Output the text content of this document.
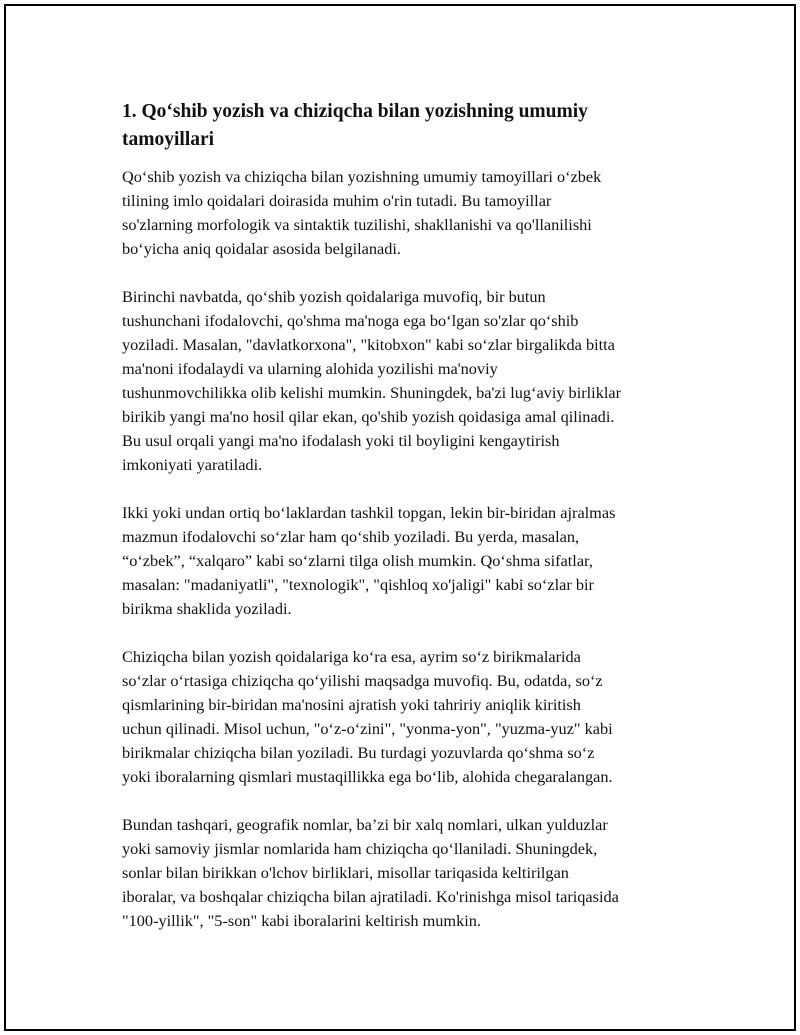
1. Qo‘shib yozish va chiziqcha bilan yozishning umumiy
tamoyillari

Qo‘shib yozish va chiziqcha bilan yozishning umumiy tamoyillari o‘zbek
tilining imlo qoidalari doirasida muhim o'rin tutadi. Bu tamoyillar
so'zlarning morfologik va sintaktik tuzilishi, shakllanishi va qo'llanilishi
bo‘yicha aniq qoidalar asosida belgilanadi.

Birinchi navbatda, qo‘shib yozish qoidalariga muvofiq, bir butun
tushunchani ifodalovchi, qo'shma ma'noga ega bo‘lgan so'zlar qo‘shib
yoziladi. Masalan, "davlatkorxona", "kitobxon" kabi so‘zlar birgalikda bitta
ma'noni ifodalaydi va ularning alohida yozilishi ma'noviy
tushunmovchilikka olib kelishi mumkin. Shuningdek, ba'zi lug‘aviy birliklar
birikib yangi ma'no hosil qilar ekan, qo'shib yozish qoidasiga amal qilinadi.
Bu usul orqali yangi ma'no ifodalash yoki til boyligini kengaytirish
imkoniyati yaratiladi.

Ikki yoki undan ortiq bo‘laklardan tashkil topgan, lekin bir-biridan ajralmas
mazmun ifodalovchi so‘zlar ham qo‘shib yoziladi. Bu yerda, masalan,
“o‘zbek”, “xalqaro” kabi so‘zlarni tilga olish mumkin. Qo‘shma sifatlar,
masalan: "madaniyatli", "texnologik", "qishloq xo'jaligi" kabi so‘zlar bir
birikma shaklida yoziladi.

Chiziqcha bilan yozish qoidalariga ko‘ra esa, ayrim so‘z birikmalarida
so‘zlar o‘rtasiga chiziqcha qo‘yilishi maqsadga muvofiq. Bu, odatda, so‘z
qismlarining bir-biridan ma'nosini ajratish yoki tahririy aniqlik kiritish
uchun qilinadi. Misol uchun, "o‘z-o‘zini", "yonma-yon", "yuzma-yuz" kabi
birikmalar chiziqcha bilan yoziladi. Bu turdagi yozuvlarda qo‘shma so‘z
yoki iboralarning qismlari mustaqillikka ega bo‘lib, alohida chegaralangan.

Bundan tashqari, geografik nomlar, ba’zi bir xalq nomlari, ulkan yulduzlar
yoki samoviy jismlar nomlarida ham chiziqcha qo‘llaniladi. Shuningdek,
sonlar bilan birikkan o'lchov birliklari, misollar tariqasida keltirilgan
iboralar, va boshqalar chiziqcha bilan ajratiladi. Ko'rinishga misol tariqasida
"100-yillik", "5-son" kabi iboralarini keltirish mumkin.
